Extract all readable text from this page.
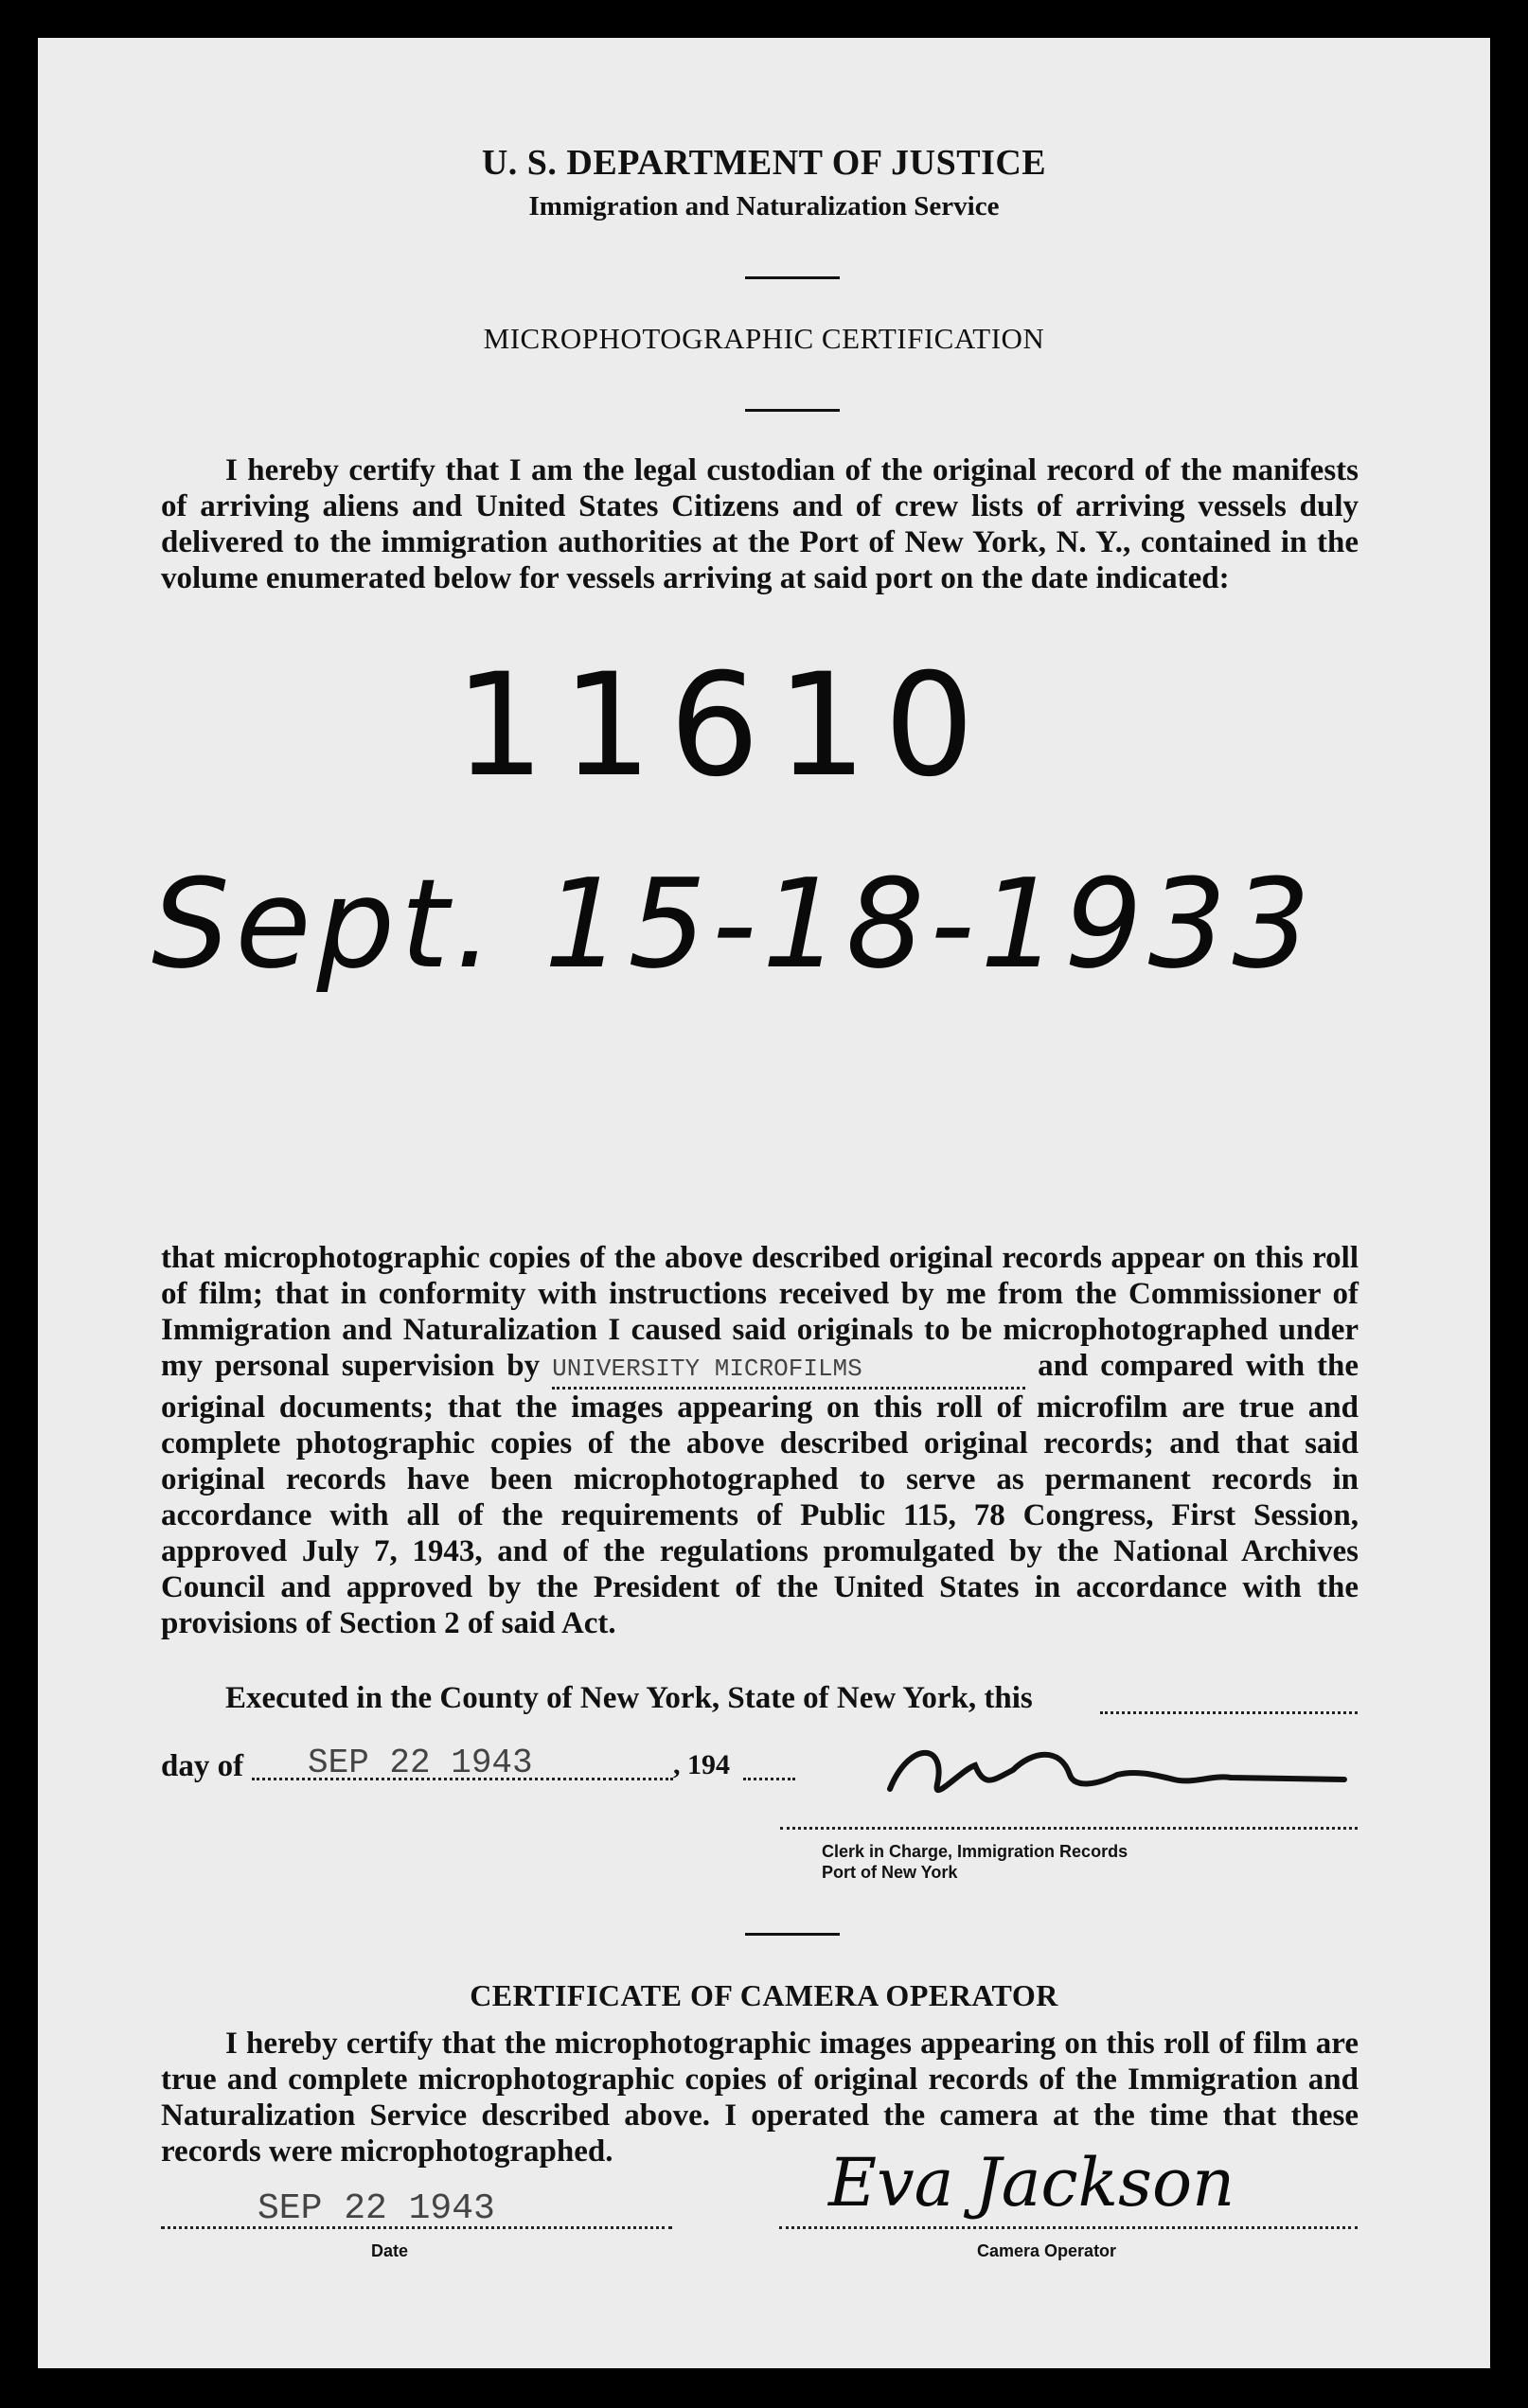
U. S. DEPARTMENT OF JUSTICE
Immigration and Naturalization Service
MICROPHOTOGRAPHIC CERTIFICATION
I hereby certify that I am the legal custodian of the original record of the manifests of arriving aliens and United States Citizens and of crew lists of arriving vessels duly delivered to the immigration authorities at the Port of New York, N. Y., contained in the volume enumerated below for vessels arriving at said port on the date indicated:
11610
Sept. 15-18-1933

that microphotographic copies of the above described original records appear on this roll of film; that in conformity with instructions received by me from the Commissioner of Immigration and Naturalization I caused said originals to be microphotographed under my personal supervision by UNIVERSITY MICROFILMS	and compared with the original documents; that the images appearing on this roll of microfilm are true and complete photographic copies of the above described original records; and that said original records have been microphotographed to serve as permanent records in accordance with all of the requirements of Public 115, 78 Congress, First Session, approved July 7, 1943, and of the regulations promulgated by the National Archives Council and approved by the President of the United States in accordance with the provisions of Section 2 of said Act.

Executed in the County of New York, State of New York, this
day of SEP 22 1943	, 194
Clerk in Charge, Immigration Records
Port of New York
CERTIFICATE OF CAMERA OPERATOR
I hereby certify that the microphotographic images appearing on this roll of film are true and complete microphotographic copies of original records of the Immigration and Naturalization Service described above. I operated the camera at the time that these records were microphotographed.
SEP 22 1943
Date
Eva Jackson
Camera Operator
